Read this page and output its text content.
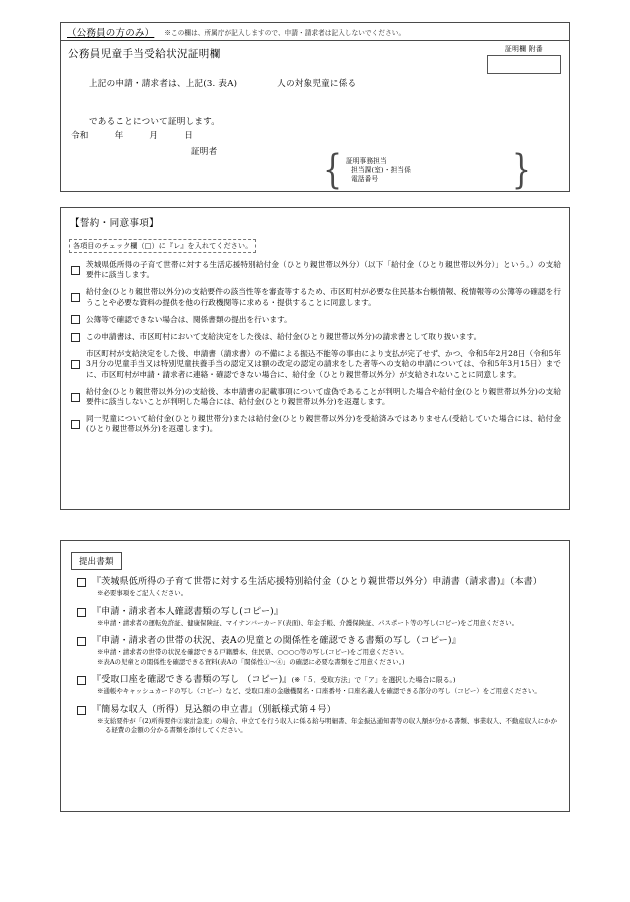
（公務員の方のみ） ※この欄は、所属庁が記入しますので、申請・請求者は記入しないでください。
公務員児童手当受給状況証明欄	証明欄 附番
上記の申請・請求者は、上記(3. 表A)	人の対象児童に係る
であることについて証明します。
令和	年	月	日
証明者	{ 証明事務担当
担当課(室)・担当係
電話番号	}
【誓約・同意事項】
各項目のチェック欄（□）に『レ』を入れてください。
茨城県低所得の子育て世帯に対する生活応援特別給付金（ひとり親世帯以外分）（以下「給付金（ひとり親世帯以外分）」という。）の支給要件に該当します。
給付金(ひとり親世帯以外分)の支給要件の該当性等を審査等するため、市区町村が必要な住民基本台帳情報、税情報等の公簿等の確認を行うことや必要な資料の提供を他の行政機関等に求める・提供することに同意します。
公簿等で確認できない場合は、関係書類の提出を行います。
この申請書は、市区町村において支給決定をした後は、給付金(ひとり親世帯以外分)の請求書として取り扱います。
市区町村が支給決定をした後、申請書（請求書）の不備による振込不能等の事由により支払が完了せず、かつ、令和5年2月28日（令和5年3月分の児童手当又は特別児童扶養手当の認定又は額の改定の認定の請求をした者等への支給の申請については、令和5年3月15日）までに、市区町村が申請・請求者に連絡・確認できない場合に、給付金（ひとり親世帯以外分）が支給されないことに同意します。
給付金(ひとり親世帯以外分)の支給後、本申請書の記載事項について虚偽であることが判明した場合や給付金(ひとり親世帯以外分)の支給要件に該当しないことが判明した場合には、給付金(ひとり親世帯以外分)を返還します。
同一児童について給付金(ひとり親世帯分)または給付金(ひとり親世帯以外分)を受給済みではありません(受給していた場合には、給付金(ひとり親世帯以外分)を返還します)。
提出書類
『茨城県低所得の子育て世帯に対する生活応援特別給付金（ひとり親世帯以外分）申請書（請求書)』（本書）
※必要事項をご記入ください。
『申請・請求者本人確認書類の写し(コピー)』
※申請・請求者の運転免許証、健康保険証、マイナンバーカード(表面)、年金手帳、介護保険証、パスポート等の写し(コピー)をご用意ください。
『申請・請求者の世帯の状況、表Aの児童との関係性を確認できる書類の写し（コピー)』
※申請・請求者の世帯の状況を確認できる戸籍謄本、住民票、○○○○等の写し(コピー)をご用意ください。
※表Aの児童との関係性を確認できる資料(表Aの「関係性①～④」の確認に必要な書類をご用意ください。)
『受取口座を確認できる書類の写し （コピー)』(※「５．受取方法」で「ア」を選択した場合に限る。)
※通帳やキャッシュカードの写し（コピー）など、受取口座の金融機関名・口座番号・口座名義人を確認できる部分の写し（コピー）をご用意ください。
『簡易な収入（所得）見込額の申立書』（別紙様式第４号）
※支給要件が「(2)所得要件②家計急変」の場合、申立てを行う収入に係る給与明細書、年金振込通知書等の収入額が分かる書類、事業収入、不動産収入にかかる経費の金額の分かる書類を添付してください。
